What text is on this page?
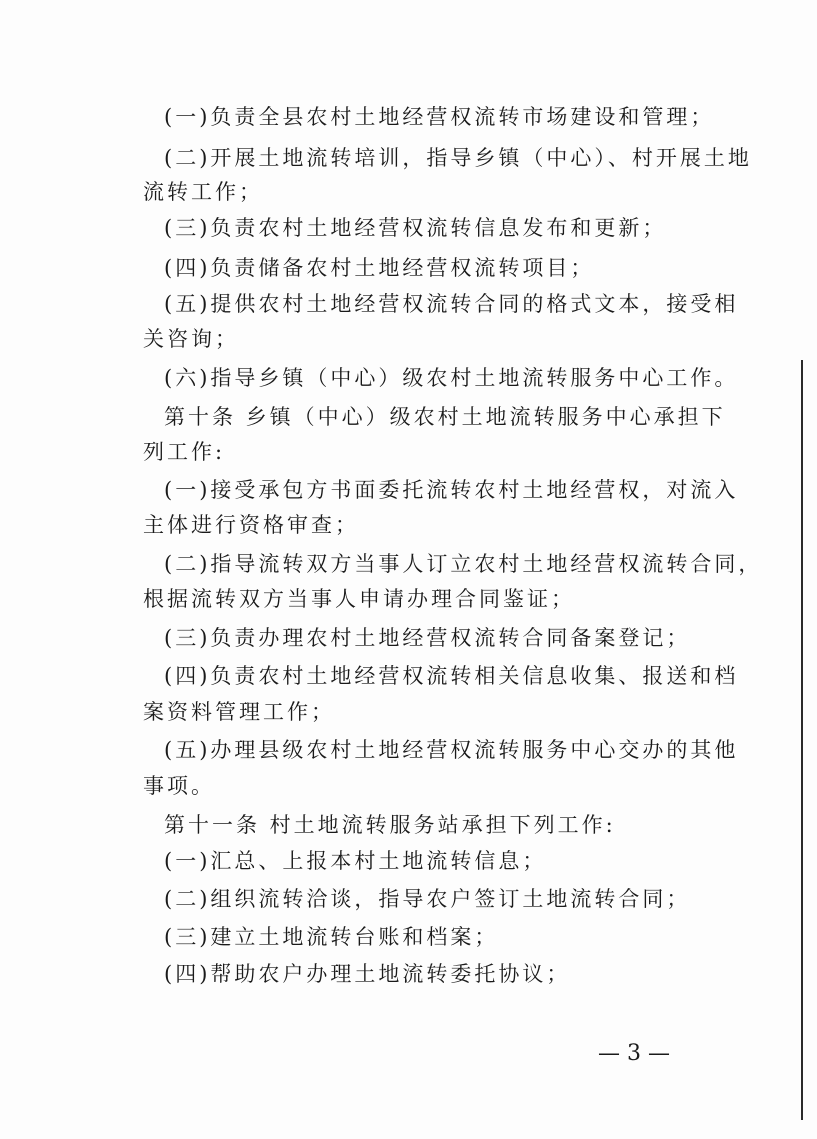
(一)负责全县农村土地经营权流转市场建设和管理；
(二)开展土地流转培训，指导乡镇（中心）、村开展土地
流转工作；
(三)负责农村土地经营权流转信息发布和更新；
(四)负责储备农村土地经营权流转项目；
(五)提供农村土地经营权流转合同的格式文本，接受相
关咨询；
(六)指导乡镇（中心）级农村土地流转服务中心工作。
第十条 乡镇（中心）级农村土地流转服务中心承担下
列工作:
(一)接受承包方书面委托流转农村土地经营权，对流入
主体进行资格审查；
(二)指导流转双方当事人订立农村土地经营权流转合同，
根据流转双方当事人申请办理合同鉴证；
(三)负责办理农村土地经营权流转合同备案登记；
(四)负责农村土地经营权流转相关信息收集、报送和档
案资料管理工作；
(五)办理县级农村土地经营权流转服务中心交办的其他
事项。
第十一条 村土地流转服务站承担下列工作:
(一)汇总、上报本村土地流转信息；
(二)组织流转洽谈，指导农户签订土地流转合同；
(三)建立土地流转台账和档案；
(四)帮助农户办理土地流转委托协议；
— 3 —
